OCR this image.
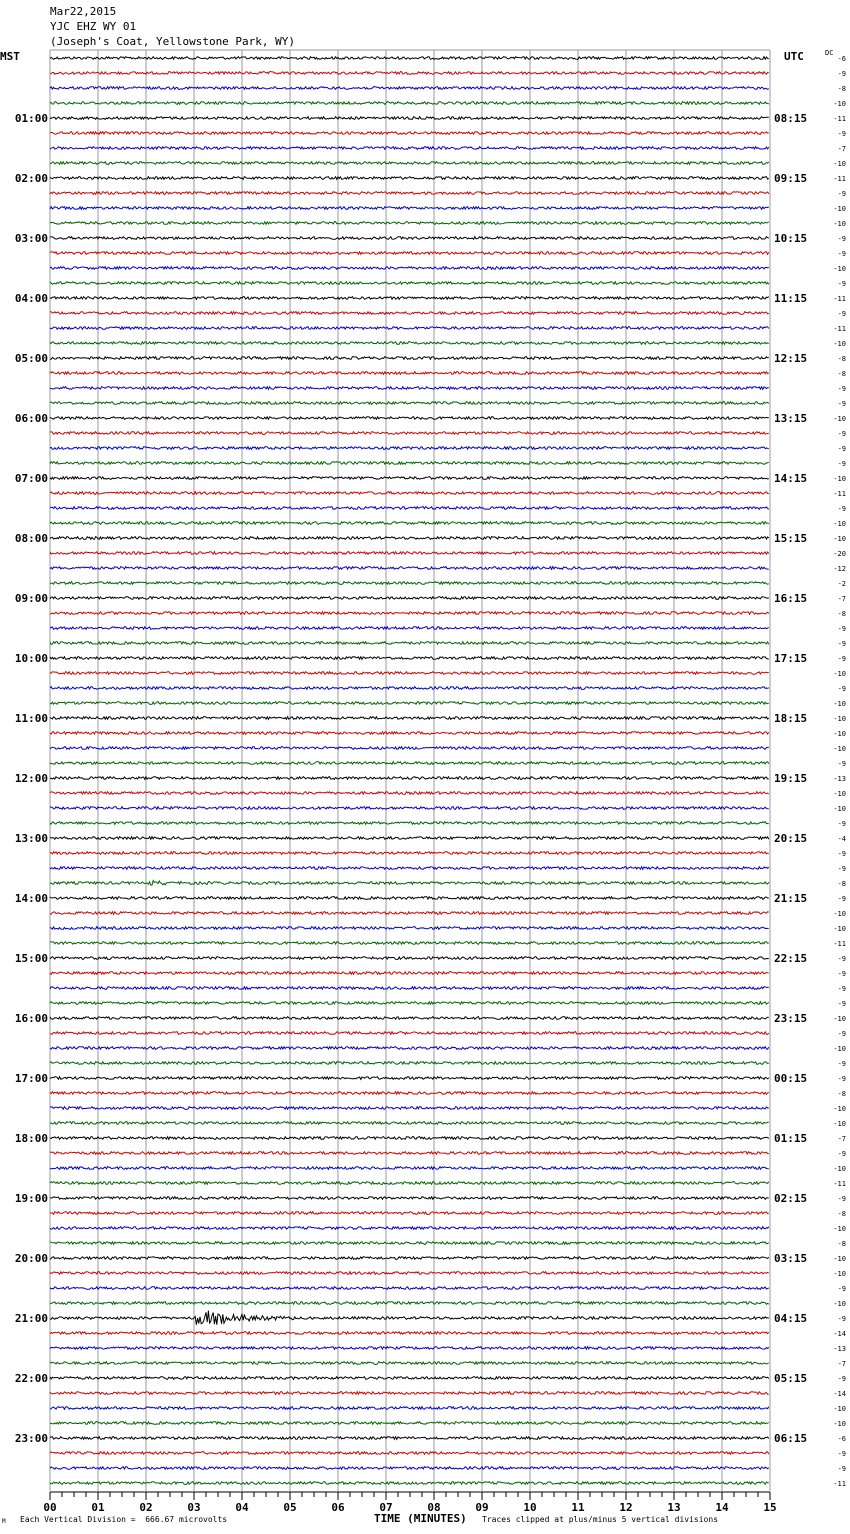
Mar22,2015
YJC EHZ WY 01
(Joseph's Coat, Yellowstone Park, WY)
MST	UTC	DC
01:00
02:00
03:00
04:00
05:00
06:00
07:00
08:00
09:00
10:00
11:00
12:00
13:00
14:00
15:00
16:00
17:00
18:00
19:00
20:00
21:00
22:00
23:00
08:15
09:15
10:15
11:15
12:15
13:15
14:15
15:15
16:15
17:15
18:15
19:15
20:15
21:15
22:15
23:15
00:15
01:15
02:15
03:15
04:15
05:15
06:15
-6
-9
-8
-10
-11
-9
-7
-10
-11
-9
-10
-10
-9
-9
-10
-9
-11
-9
-11
-10
-8
-8
-9
-9
-10
-9
-9
-9
-10
-11
-9
-10
-10
-20
-12
-2
-7
-8
-9
-9
-9
-10
-9
-10
-10
-10
-10
-9
-13
-10
-10
-9
-4
-9
-9
-8
-9
-10
-10
-11
-9
-9
-9
-9
-10
-9
-10
-9
-9
-8
-10
-10
-7
-9
-10
-11
-9
-8
-10
-8
-10
-10
-9
-10
-9
-14
-13
-7
-9
-14
-10
-10
-6
-9
-9
-11
00	01	02	03	04	05	06	07	08	09	10	11	12	13	14	15
M Each Vertical Division =  666.67 microvolts	TIME (MINUTES) Traces clipped at plus/minus 5 vertical divisions
